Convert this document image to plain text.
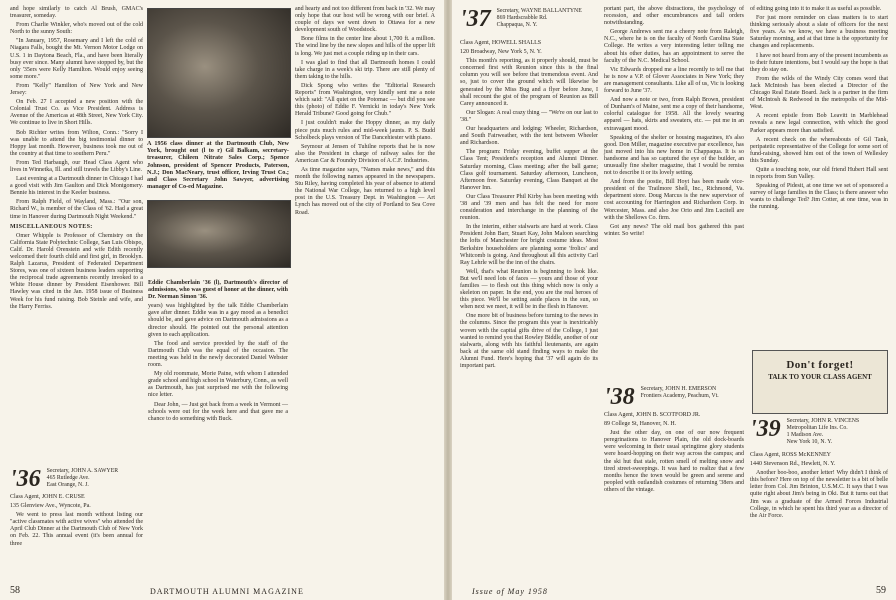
and hope similarly to catch Al Brush, GMAC's treasurer, someday.

From Charlie Winkler, who's moved out of the cold North to the sunny South:

"In January, 1957, Rosemary and I left the cold of Niagara Falls, bought the Mt. Vernon Motor Lodge on U.S. 1 in Daytona Beach, Fla., and have been literally busy ever since. Many alumni have stopped by, but the only '35ers were Kelly Hamilton. Would enjoy seeing some more."

From "Kelly" Hamilton of New York and New Jersey:

On Feb. 27 I accepted a new position with the Colonial Trust Co. as Vice President. Address is Avenue of the Americas at 48th Street, New York City. We continue to live in Short Hills.

Bob Richter writes from Wilton, Conn.: "Sorry I was unable to attend the big testimonial dinner to Hoppy last month. However, business took me out of the country at that time to southern Peru."

From Ted Harbaugh, our Head Class Agent who lives in Winnetka, Ill. and still travels the Libby's Line.

Last evening at a Dartmouth dinner in Chicago I had a good visit with Jim Gaulton and Dick Montgomery. Bennie his interest in the Keeler business.

From Ralph Field, of Wayland, Mass.: "Our son, Richard W., is member of the Class of '62. Had a great time in Hanover during Dartmouth Night Weekend."

MISCELLANEOUS NOTES:

Omer Whipple is Professor of Chemistry on the California State Polytechnic College, San Luis Obispo, Calif. Dr. Harold Orenstein and wife Edith recently welcomed their fourth child and first girl, in Brooklyn. Ralph Lazarus, President of Federated Department Stores, was one of sixteen business leaders supporting the reciprocal trade agreements recently invoked to a White House dinner by President Eisenhower. Bill Hawley was cited in the Jan. 1958 issue of Business Week for his fund raising. Bob Steinle and wife, and the Harry Ferriss.

Eddie Chamberlain '36 (l), Dartmouth's director of admissions, who was guest of honor at the dinner, with Dr. Norman Simon '36.

years) was highlighted by the talk Eddie Chamberlain gave after dinner. Eddie was in a gay mood as a benedict should be, and gave advice on Dartmouth admissions as a director should. He pointed out the personal attention given to each application.

The food and service provided by the staff of the Dartmouth Club was the equal of the occasion. The meeting was held in the newly decorated Daniel Webster room.

My old roommate, Morie Paine, with whom I attended grade school and high school in Waterbury, Conn., as well as Dartmouth, has just surprised me with the following nice letter.

Dear John, — Just got back from a week in Vermont — schools were out for the week here and that gave me a chance to do something with Buck.

and hearty and not too different from back in '32. We may only hope that our host will be wrong with our brief. A couple of days we went down to Ottawa for a new development south of Woodstock.

Bone films in the center line about 1,700 ft. a million. The wind line by the new slopes and hills of the upper lift is long. We just met a couple riding up in their cars.

I was glad to find that all Dartmouth homes I could take charge in a week's ski trip. There are still plenty of them taking to the hills.

Dick Spong who writes the "Editorial Research Reports" from Washington, very kindly sent me a note which said: "All quiet on the Potomac — but did you see this (photo) of Eddie F. Vernicki in today's New York Herald Tribune? Good going for Chub."

I just couldn't make the Hoppy dinner, as my daily piece puts much rules and mid-week jaunts. P. S. Budd Scholbeck plays version of The Dancehiester with piano.

Seymour at Jensen of Tuhilne reports that he is now also the President in charge of railway sales for the American Car & Foundry Division of A.C.F. Industries.

As time magazine says, "Names make news," and this month the following names appeared in the newspapers. Stu Riley, having completed his year of absence to attend the National War College, has returned to a high level post in the U.S. Treasury Dept. in Washington — Art Lynch has moved out of the city of Portland to Sea Cove Road.

A 1956 class dinner at the Dartmouth Club, New York, brought out (l to r) Gil Balkam, secretary-treasurer, Chileen Nitrate Sales Corp.; Spence Johnson, president of Spencer Products, Paterson, N.J.; Don MacNeary, trust officer, Irving Trust Co.; and Class Secretary John Sawyer, advertising manager of Co-ed Magazine.
'36 Secretary, JOHN A. SAWYER
465 Rutledge Ave.
East Orange, N. J.
DARTMOUTH ALUMNI MAGAZINE
58

Class Agent, JOHN E. CRUSE

135 Glenview Ave., Wyncote, Pa.

We went to press last month without listing our "active classmates with active wives" who attended the April Club Dinner at the Dartmouth Club of New York on Feb. 22. This annual event (it's been annual for three

'37 Secretary, WAYNE BALLANTYNE
869 Hardscrabble Rd.
Chappaqua, N. Y.

Class Agent, HOWELL SHALLS

120 Broadway, New York 5, N. Y.

This month's reporting, as it properly should, must be concerned first with Reunion since this is the final column you will see before that tremendous event. And so, just to cover the ground which will likewise be generated by the Miss Bug and a flyer before June, I shall recount the gist of the program of Reunion as Bill Carey announced it.

Our Slogan: A real crazy thing — "We're on our last to '38."

Our headquarters and lodging: Wheeler, Richardson, and South Fairweather, with the tent between Wheeler and Richardson.

The program: Friday evening, buffet supper at the Class Tent; President's reception and Alumni Dinner. Saturday morning, Class meeting; after the ball game; Class golf tournament. Saturday afternoon, Luncheon, Afternoon free. Saturday evening, Class Banquet at the Hanover Inn.

Our Class Treasurer Phil Kirby has been meeting with '38 and '39 men and has felt the need for more consideration and interchange in the planning of the reunion.

In the interim, either stalwarts are hard at work. Class President John Barr, Stuart Kay, John Maloon searching the lofts of Manchester for bright costume ideas. Most Berkshire householders are planning some 'frolics' and Whitcomb is going. And throughout all this activity Carl Ray Lehrle will be the inn of the chairs.

Well, that's what Reunion is beginning to look like. But we'll need lots of faces — yours and those of your families — to flesh out this thing which now is only a skeleton on paper. In the end, you are the real heroes of this piece. We'll be setting aside places in the sun, so when next we meet, it will be in the flesh in Hanover.

One more bit of business before turning to the news in the columns. Since the program this year is inextricably woven with the capital gifts drive of the College, I just wanted to remind you that Rowley Biddle, another of our stalwarts, along with his faithful lieutenants, are again back at the same old stand finding ways to make the Alumni Fund. Here's hoping that '37 will again do its important part.

portant part, the above distractions, the psychology of recession, and other encumbrances and tall orders notwithstanding.

George Andrews sent me a cheery note from Raleigh, N.C., where he is on the faculty of North Carolina State College. He writes a very interesting letter telling me about his other duties, has an appointment to serve the faculty of the N.C. Medical School.

Vic Edwards dropped me a line recently to tell me that he is now a V.P. of Glover Associates in New York; they are management consultants. Like all of us, Vic is looking forward to June '37.

And now a note or two, from Ralph Brown, president of Dunham's of Maine, sent me a copy of their handsome, colorful catalogue for 1958. All the lovely wearing apparel — hats, skirts and sweaters, etc. — put me in an extravagant mood.

Speaking of the shelter or housing magazines, it's also good. Don Miller, magazine executive par excellence, has just moved into his new home in Chappaqua. It is so handsome and has so captured the eye of the builder, an unusually fine shelter magazine, that I would be remiss not to describe it or its lovely setting.

And from the postie, Bill Hoyt has been made vice-president of the Trailmore Shell, Inc., Richmond, Va. department store. Doug Marcus is the new supervisor of cost accounting for Harrington and Richardson Corp. in Worcester, Mass. and also Joe Orio and Jim Lucitell are with the Shellows Co. firm.

Got any news? The old mail box gathered this past winter. So write!

'38 Secretary, JOHN H. EMERSON
Frontiers Academy, Peachum, Vt.

Class Agent, JOHN B. SCOTFORD JR.

89 College St, Hanover, N. H.

Just the other day, on one of our now frequent peregrinations to Hanover Plain, the old dock-boards were welcoming in their usual springtime glory students were hoard-hopping on their way across the campus; and the ski hut that stale, rotten smell of melting snow and tired street-sweepings. It was hard to realize that a few months hence the town would be green and serene and peopled with outlandish costumes of returning '38ers and others of the vintage.

of editing going into it to make it as useful as possible.

For just more reminder on class matters is to start thinking seriously about a slate of officers for the next five years. As we know, we have a business meeting Saturday morning, and at that time is the opportunity for changes and replacements.

I have not heard from any of the present incumbents as to their future intentions, but I would say the hope is that they do stay on.

From the wilds of the Windy City comes word that Jack McIntosh has been elected a Director of the Chicago Real Estate Board. Jack is a partner in the firm of McIntosh & Redwood in the metropolis of the Mid-West.

A recent epistle from Bob Leavitt in Marblehead reveals a new legal connection, with which the good Parker appears more than satisfied.

A recent check on the whereabouts of Gil Tank, peripatetic representative of the College for some sort of fund-raising, showed him out of the town of Wellesley this Sunday.

Quite a touching note, our old friend Hubert Hall sent in reports from Sun Valley.

Speaking of Pidesit, at one time we set of sponsored a survey of large families in the Class; is there answer who wants to challenge Ted? Jim Cotter, at one time, was in the running.

Don't forget!
TALK TO YOUR CLASS AGENT
'39 Secretary, JOHN R. VINCENS
Metropolitan Life Ins. Co.
1 Madison Ave.
New York 10, N. Y.

Class Agent, ROSS McKENNEY

1440 Stevenson Rd., Hewlett, N. Y.

Another boo-boo, another letter! Why didn't I think of this before? Here on top of the newsletter is a bit of belle letter from Col. Jim Brinton, U.S.M.C. It says that I was quite right about Jim's being in Oki. But it turns out that Jim was a graduate of the Armed Forces Industrial College, in which he spent his third year as a director of the Air Force.

Issue of May 1958	59
